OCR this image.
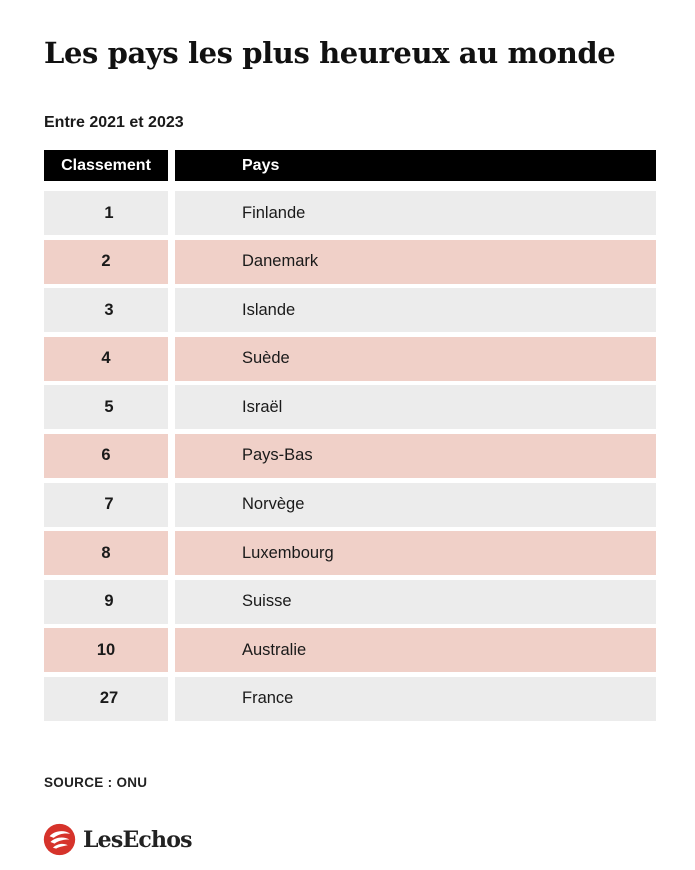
Les pays les plus heureux au monde
Entre 2021 et 2023
Classement	Pays
1	Finlande
2	Danemark
3	Islande
4	Suède
5	Israël
6	Pays-Bas
7	Norvège
8	Luxembourg
9	Suisse
10	Australie
27	France
SOURCE : ONU
LesEchos
